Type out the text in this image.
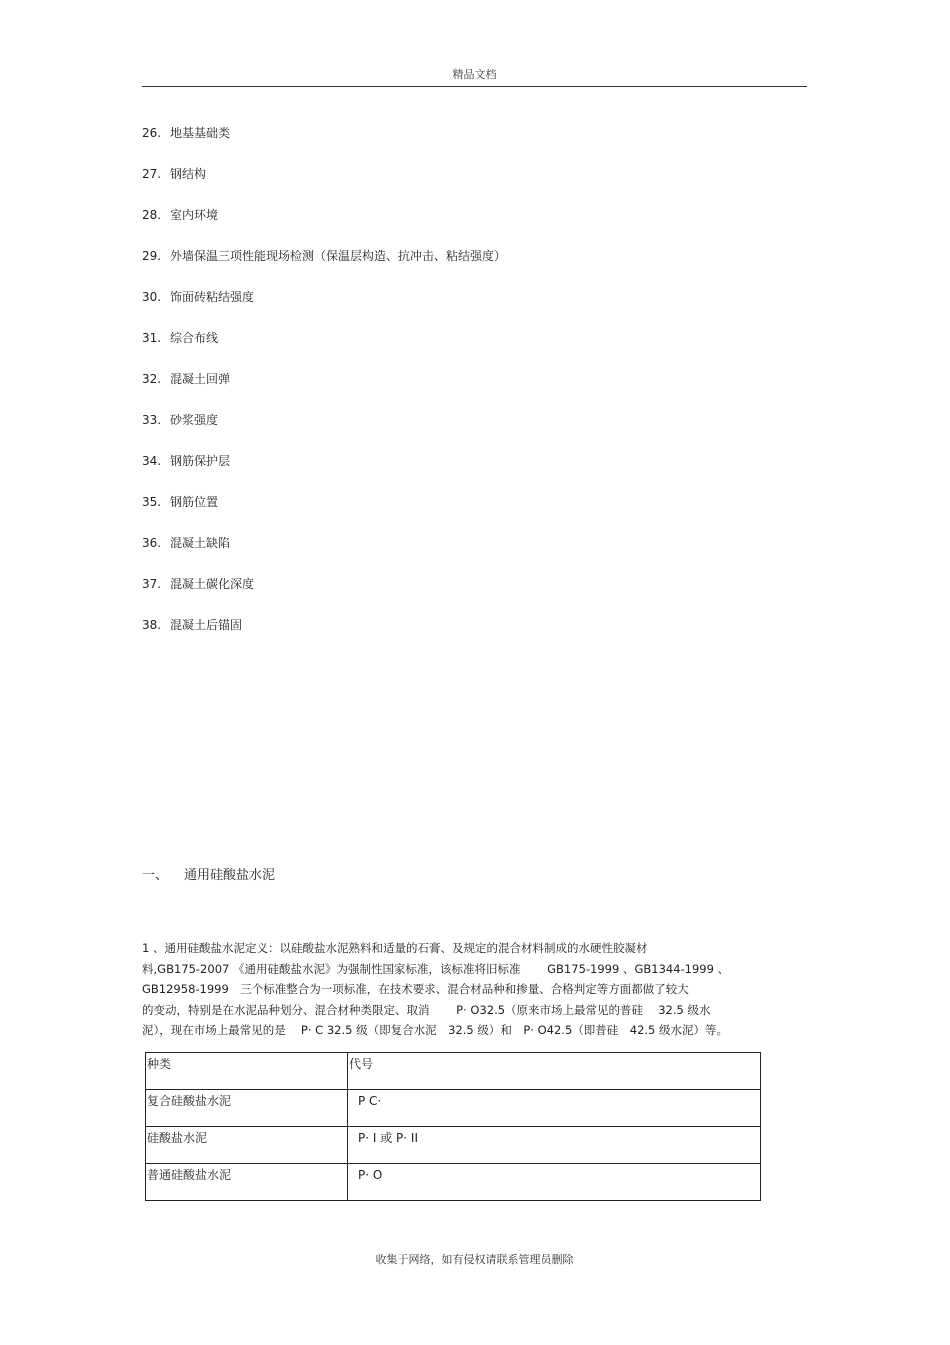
精品文档
26. 地基基础类
27. 钢结构
28. 室内环境
29. 外墙保温三项性能现场检测（保温层构造、抗冲击、粘结强度）
30. 饰面砖粘结强度
31. 综合布线
32. 混凝土回弹
33. 砂浆强度
34. 钢筋保护层
35. 钢筋位置
36. 混凝土缺陷
37. 混凝土碳化深度
38. 混凝土后锚固
一、 通用硅酸盐水泥
1 、通用硅酸盐水泥定义：以硅酸盐水泥熟料和适量的石膏、及规定的混合材料制成的水硬性胶凝材
料,GB175-2007 《通用硅酸盐水泥》为强制性国家标准，该标准将旧标准　　 GB175-1999 、GB1344-1999 、
GB12958-1999　三个标准整合为一项标准，在技术要求、混合材品种和掺量、合格判定等方面都做了较大
的变动，特别是在水泥品种划分、混合材种类限定、取消　　 P· O32.5（原来市场上最常见的普硅　 32.5 级水
泥），现在市场上最常见的是　 P· C 32.5 级（即复合水泥　32.5 级）和　P· O42.5（即普硅　42.5 级水泥）等。
种类	代号
复合硅酸盐水泥	P C·
硅酸盐水泥	P· I 或 P· II
普通硅酸盐水泥	P· O
收集于网络，如有侵权请联系管理员删除
